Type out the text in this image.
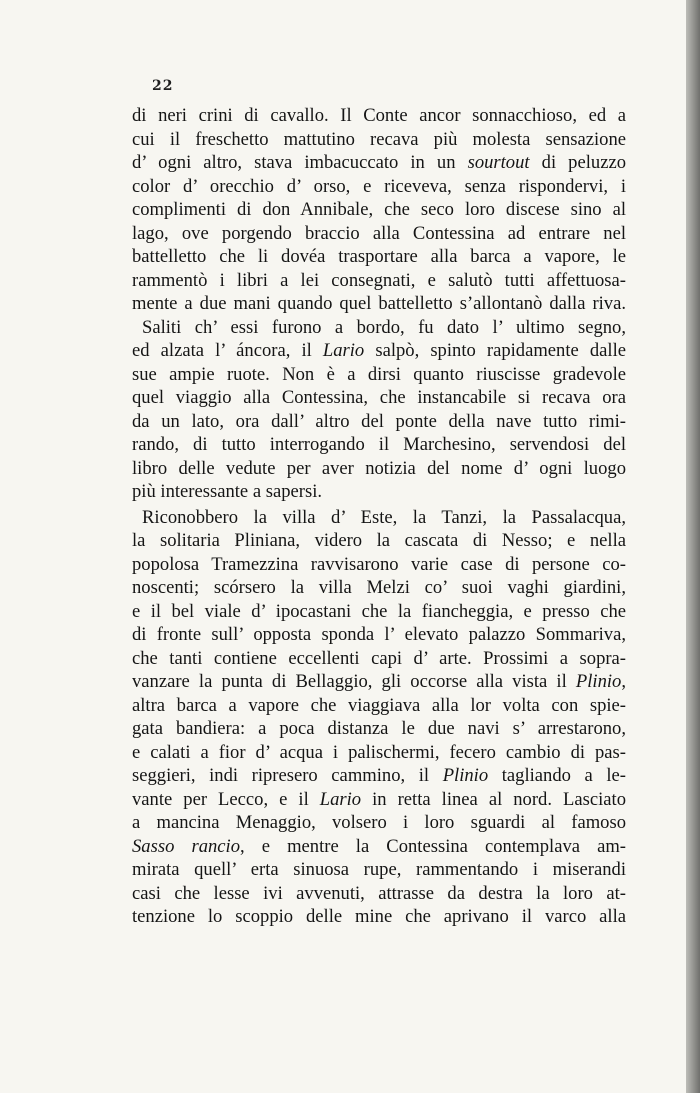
22
di neri crini di cavallo. Il Conte ancor sonnacchioso, ed a
cui il freschetto mattutino recava più molesta sensazione
d’ ogni altro, stava imbacuccato in un sourtout di peluzzo
color d’ orecchio d’ orso, e riceveva, senza rispondervi, i
complimenti di don Annibale, che seco loro discese sino al
lago, ove porgendo braccio alla Contessina ad entrare nel
battelletto che li dovéa trasportare alla barca a vapore, le
rammentò i libri a lei consegnati, e salutò tutti affettuosa-
mente a due mani quando quel battelletto s’allontanò dalla riva.
Saliti ch’ essi furono a bordo, fu dato l’ ultimo segno,
ed alzata l’ áncora, il Lario salpò, spinto rapidamente dalle
sue ampie ruote. Non è a dirsi quanto riuscisse gradevole
quel viaggio alla Contessina, che instancabile si recava ora
da un lato, ora dall’ altro del ponte della nave tutto rimi-
rando, di tutto interrogando il Marchesino, servendosi del
libro delle vedute per aver notizia del nome d’ ogni luogo
più interessante a sapersi.
Riconobbero la villa d’ Este, la Tanzi, la Passalacqua,
la solitaria Pliniana, videro la cascata di Nesso; e nella
popolosa Tramezzina ravvisarono varie case di persone co-
noscenti; scórsero la villa Melzi co’ suoi vaghi giardini,
e il bel viale d’ ipocastani che la fiancheggia, e presso che
di fronte sull’ opposta sponda l’ elevato palazzo Sommariva,
che tanti contiene eccellenti capi d’ arte. Prossimi a sopra-
vanzare la punta di Bellaggio, gli occorse alla vista il Plinio,
altra barca a vapore che viaggiava alla lor volta con spie-
gata bandiera: a poca distanza le due navi s’ arrestarono,
e calati a fior d’ acqua i palischermi, fecero cambio di pas-
seggieri, indi ripresero cammino, il Plinio tagliando a le-
vante per Lecco, e il Lario in retta linea al nord. Lasciato
a mancina Menaggio, volsero i loro sguardi al famoso
Sasso rancio, e mentre la Contessina contemplava am-
mirata quell’ erta sinuosa rupe, rammentando i miserandi
casi che lesse ivi avvenuti, attrasse da destra la loro at-
tenzione lo scoppio delle mine che aprivano il varco alla
